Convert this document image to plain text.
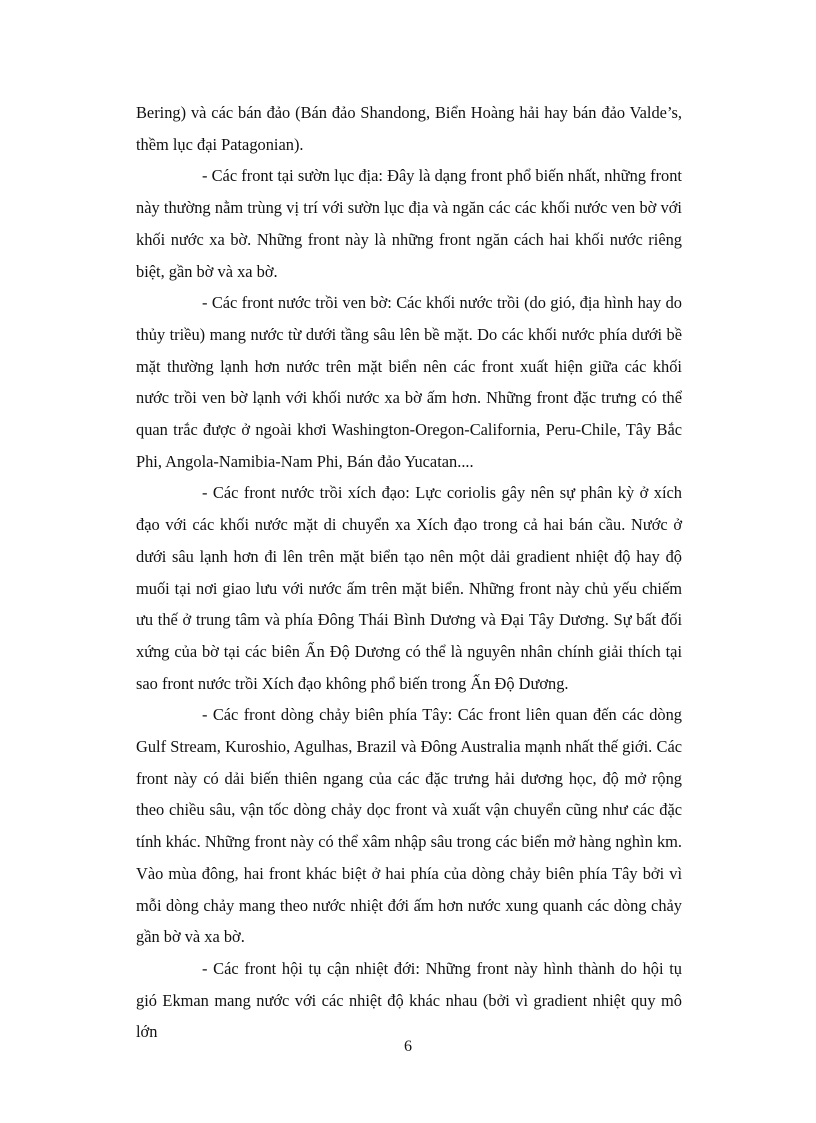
Bering) và các bán đảo (Bán đảo Shandong, Biển Hoàng hải hay bán đảo Valde’s, thềm lục đại Patagonian).

- Các front tại sườn lục địa: Đây là dạng front phổ biến nhất, những front này thường nằm trùng vị trí với sườn lục địa và ngăn các các khối nước ven bờ với khối nước xa bờ. Những front này là những front ngăn cách hai khối nước riêng biệt, gần bờ và xa bờ.

- Các front nước trồi ven bờ: Các khối nước trồi (do gió, địa hình hay do thủy triều) mang nước từ dưới tầng sâu lên bề mặt. Do các khối nước phía dưới bề mặt thường lạnh hơn nước trên mặt biển nên các front xuất hiện giữa các khối nước trồi ven bờ lạnh với khối nước xa bờ ấm hơn. Những front đặc trưng có thể quan trắc được ở ngoài khơi Washington-Oregon-California, Peru-Chile, Tây Bắc Phi, Angola-Namibia-Nam Phi, Bán đảo Yucatan....

- Các front nước trồi xích đạo: Lực coriolis gây nên sự phân kỳ ở xích đạo với các khối nước mặt di chuyển xa Xích đạo trong cả hai bán cầu. Nước ở dưới sâu lạnh hơn đi lên trên mặt biển tạo nên một dải gradient nhiệt độ hay độ muối tại nơi giao lưu với nước ấm trên mặt biển. Những front này chủ yếu chiếm ưu thế ở trung tâm và phía Đông Thái Bình Dương và Đại Tây Dương. Sự bất đối xứng của bờ tại các biên Ấn Độ Dương có thể là nguyên nhân chính giải thích tại sao front nước trồi Xích đạo không phổ biến trong Ấn Độ Dương.

- Các front dòng chảy biên phía Tây: Các front liên quan đến các dòng Gulf Stream, Kuroshio, Agulhas, Brazil và Đông Australia mạnh nhất thế giới. Các front này có dải biến thiên ngang của các đặc trưng hải dương học, độ mở rộng theo chiều sâu, vận tốc dòng chảy dọc front và xuất vận chuyển cũng như các đặc tính khác. Những front này có thể xâm nhập sâu trong các biển mở hàng nghìn km. Vào mùa đông, hai front khác biệt ở hai phía của dòng chảy biên phía Tây bởi vì mỗi dòng chảy mang theo nước nhiệt đới ấm hơn nước xung quanh các dòng chảy gần bờ và xa bờ.

- Các front hội tụ cận nhiệt đới: Những front này hình thành do hội tụ gió Ekman mang nước với các nhiệt độ khác nhau (bởi vì gradient nhiệt quy mô lớn

6
